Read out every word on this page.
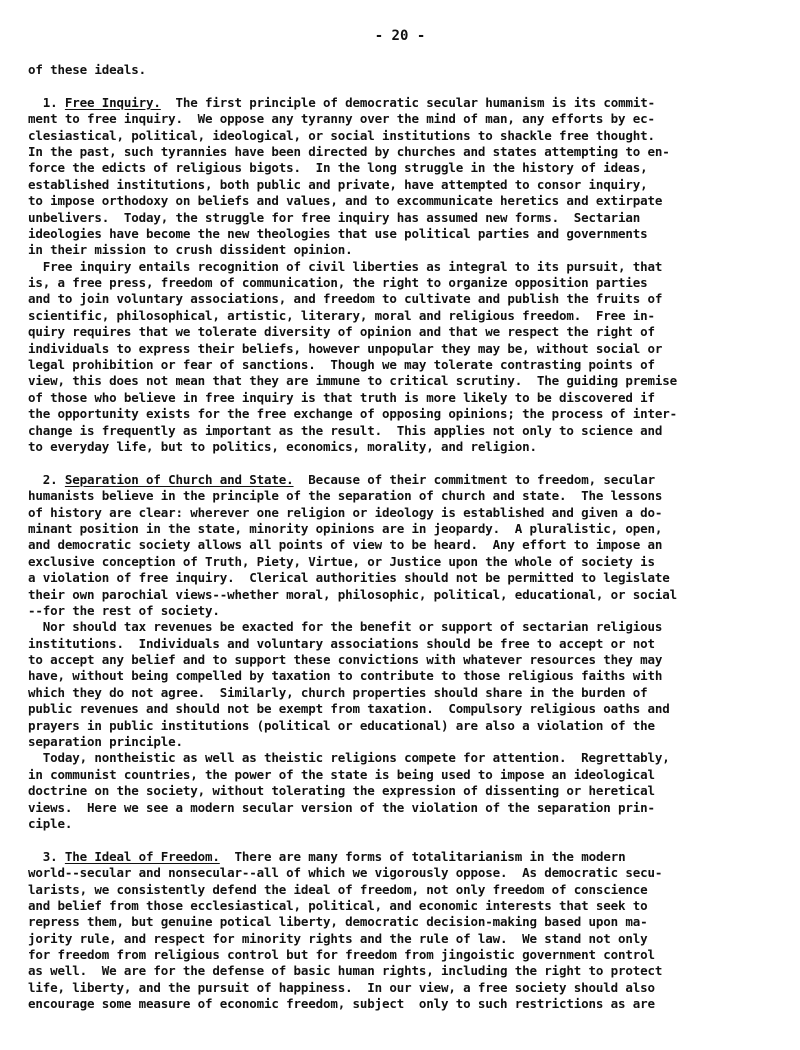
- 20 -
of these ideals.
1. Free Inquiry.  The first principle of democratic secular humanism is its commit-
ment to free inquiry.  We oppose any tyranny over the mind of man, any efforts by ec-
clesiastical, political, ideological, or social institutions to shackle free thought.
In the past, such tyrannies have been directed by churches and states attempting to en-
force the edicts of religious bigots.  In the long struggle in the history of ideas,
established institutions, both public and private, have attempted to consor inquiry,
to impose orthodoxy on beliefs and values, and to excommunicate heretics and extirpate
unbelivers.  Today, the struggle for free inquiry has assumed new forms.  Sectarian
ideologies have become the new theologies that use political parties and governments
in their mission to crush dissident opinion.
Free inquiry entails recognition of civil liberties as integral to its pursuit, that
is, a free press, freedom of communication, the right to organize opposition parties
and to join voluntary associations, and freedom to cultivate and publish the fruits of
scientific, philosophical, artistic, literary, moral and religious freedom.  Free in-
quiry requires that we tolerate diversity of opinion and that we respect the right of
individuals to express their beliefs, however unpopular they may be, without social or
legal prohibition or fear of sanctions.  Though we may tolerate contrasting points of
view, this does not mean that they are immune to critical scrutiny.  The guiding premise
of those who believe in free inquiry is that truth is more likely to be discovered if
the opportunity exists for the free exchange of opposing opinions; the process of inter-
change is frequently as important as the result.  This applies not only to science and
to everyday life, but to politics, economics, morality, and religion.
2. Separation of Church and State.  Because of their commitment to freedom, secular
humanists believe in the principle of the separation of church and state.  The lessons
of history are clear: wherever one religion or ideology is established and given a do-
minant position in the state, minority opinions are in jeopardy.  A pluralistic, open,
and democratic society allows all points of view to be heard.  Any effort to impose an
exclusive conception of Truth, Piety, Virtue, or Justice upon the whole of society is
a violation of free inquiry.  Clerical authorities should not be permitted to legislate
their own parochial views--whether moral, philosophic, political, educational, or social
--for the rest of society.
Nor should tax revenues be exacted for the benefit or support of sectarian religious
institutions.  Individuals and voluntary associations should be free to accept or not
to accept any belief and to support these convictions with whatever resources they may
have, without being compelled by taxation to contribute to those religious faiths with
which they do not agree.  Similarly, church properties should share in the burden of
public revenues and should not be exempt from taxation.  Compulsory religious oaths and
prayers in public institutions (political or educational) are also a violation of the
separation principle.
Today, nontheistic as well as theistic religions compete for attention.  Regrettably,
in communist countries, the power of the state is being used to impose an ideological
doctrine on the society, without tolerating the expression of dissenting or heretical
views.  Here we see a modern secular version of the violation of the separation prin-
ciple.
3. The Ideal of Freedom.  There are many forms of totalitarianism in the modern
world--secular and nonsecular--all of which we vigorously oppose.  As democratic secu-
larists, we consistently defend the ideal of freedom, not only freedom of conscience
and belief from those ecclesiastical, political, and economic interests that seek to
repress them, but genuine potical liberty, democratic decision-making based upon ma-
jority rule, and respect for minority rights and the rule of law.  We stand not only
for freedom from religious control but for freedom from jingoistic government control
as well.  We are for the defense of basic human rights, including the right to protect
life, liberty, and the pursuit of happiness.  In our view, a free society should also
encourage some measure of economic freedom, subject  only to such restrictions as are
